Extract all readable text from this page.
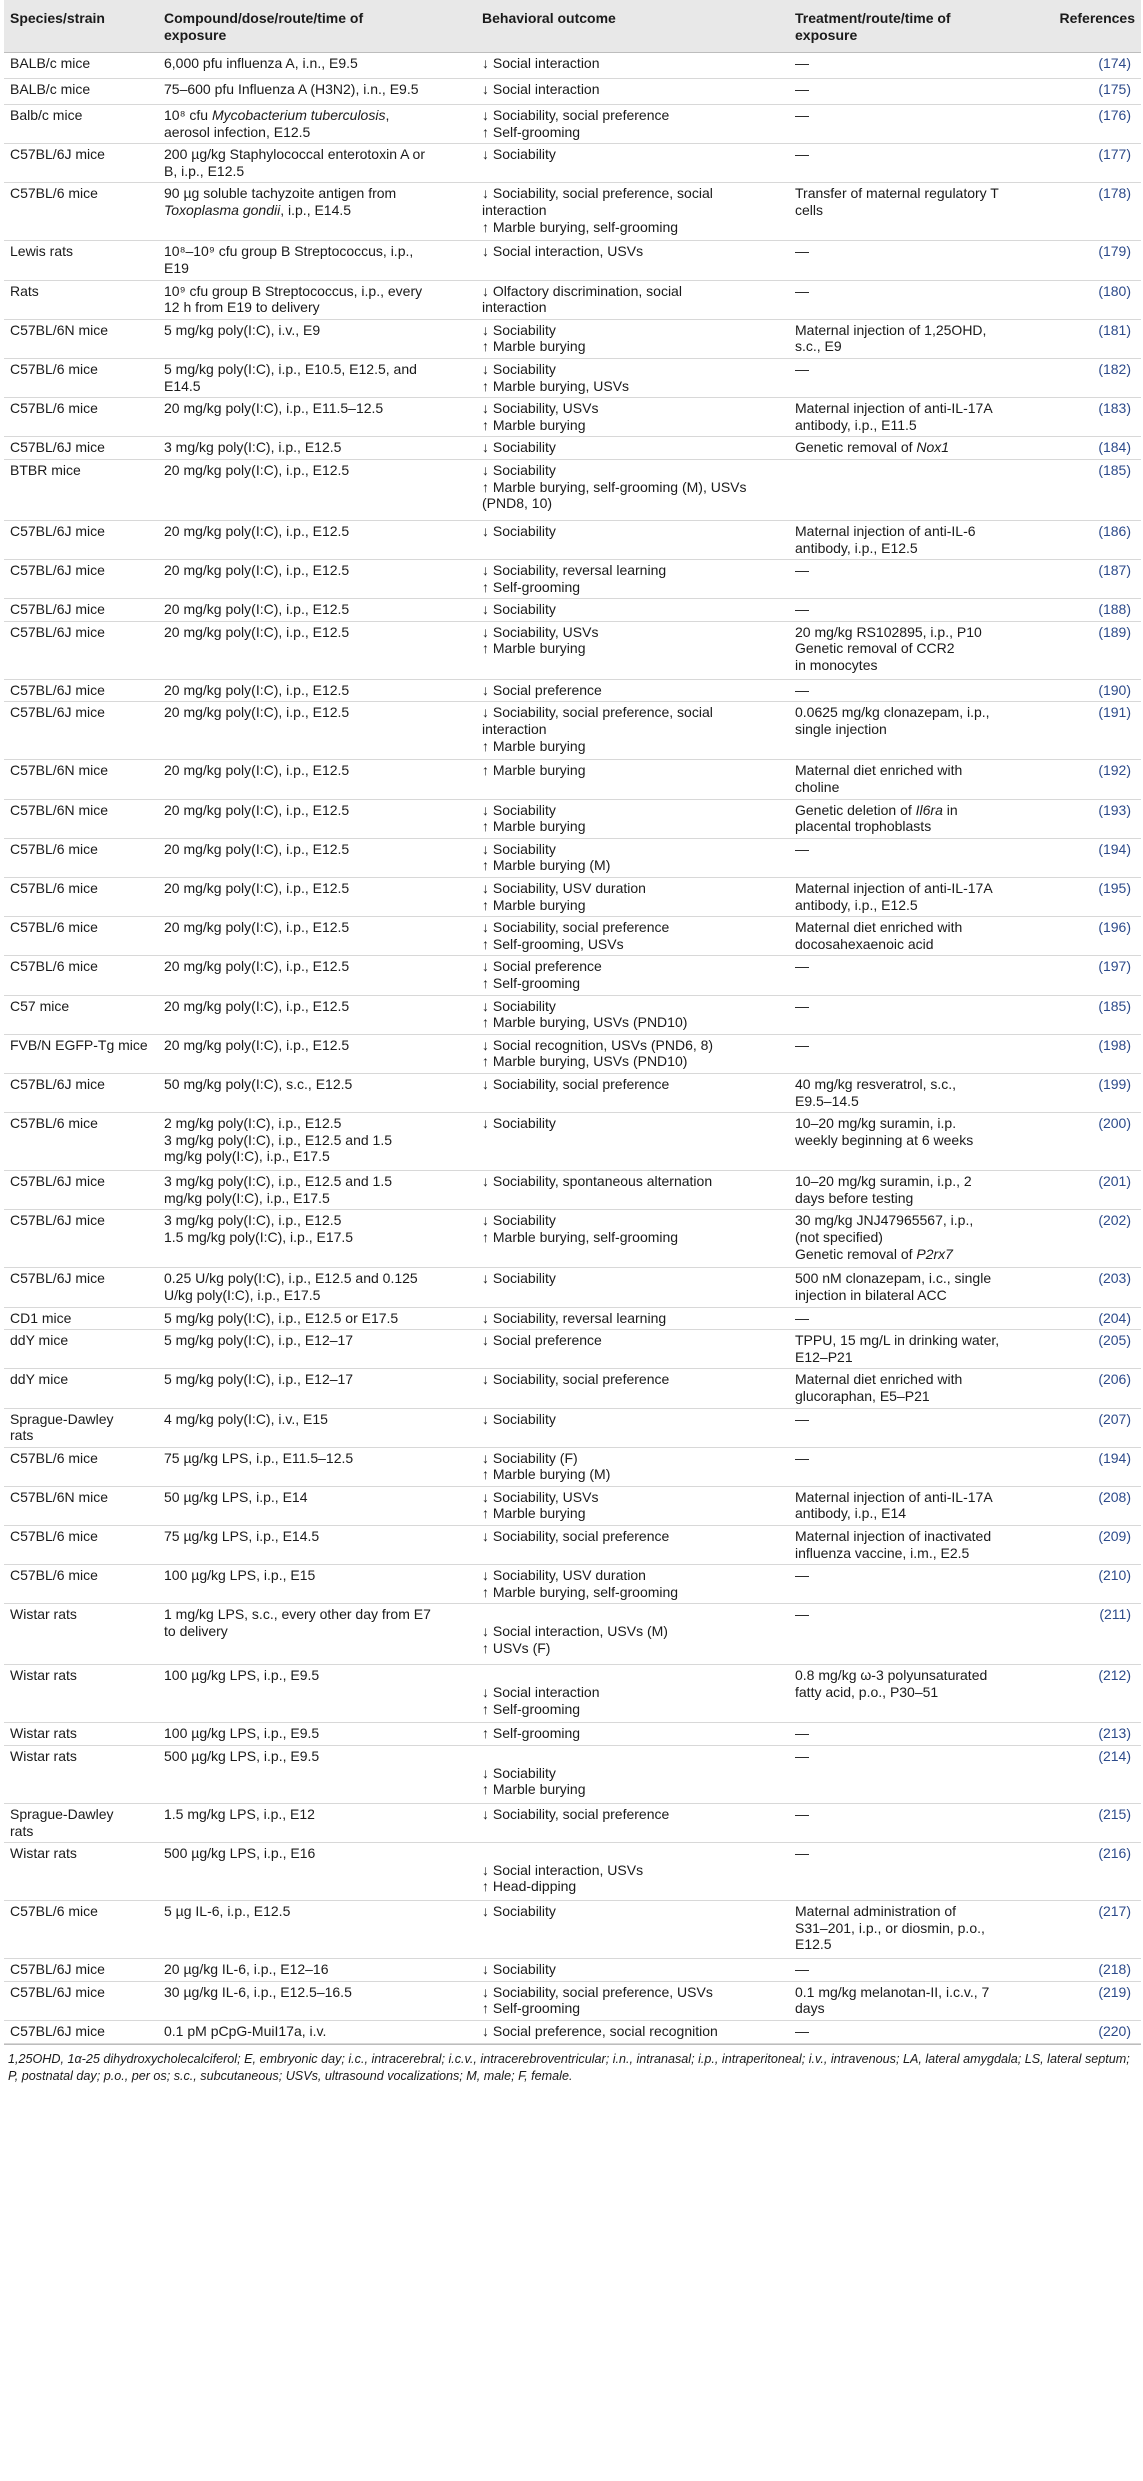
Species/strain	Compound/dose/route/time of
exposure	Behavioral outcome	Treatment/route/time of
exposure	References
BALB/c mice	6,000 pfu influenza A, i.n., E9.5	↓ Social interaction	—	(174)
BALB/c mice	75–600 pfu Influenza A (H3N2), i.n., E9.5	↓ Social interaction	—	(175)
Balb/c mice	10⁸ cfu Mycobacterium tuberculosis,
aerosol infection, E12.5	↓ Sociability, social preference
↑ Self-grooming	—	(176)
C57BL/6J mice	200 µg/kg Staphylococcal enterotoxin A or
B, i.p., E12.5	↓ Sociability	—	(177)
C57BL/6 mice	90 µg soluble tachyzoite antigen from
Toxoplasma gondii, i.p., E14.5	↓ Sociability, social preference, social
interaction
↑ Marble burying, self-grooming	Transfer of maternal regulatory T
cells	(178)
Lewis rats	10⁸–10⁹ cfu group B Streptococcus, i.p.,
E19	↓ Social interaction, USVs	—	(179)
Rats	10⁹ cfu group B Streptococcus, i.p., every
12 h from E19 to delivery	↓ Olfactory discrimination, social
interaction	—	(180)
C57BL/6N mice	5 mg/kg poly(I:C), i.v., E9	↓ Sociability
↑ Marble burying	Maternal injection of 1,25OHD,
s.c., E9	(181)
C57BL/6 mice	5 mg/kg poly(I:C), i.p., E10.5, E12.5, and
E14.5	↓ Sociability
↑ Marble burying, USVs	—	(182)
C57BL/6 mice	20 mg/kg poly(I:C), i.p., E11.5–12.5	↓ Sociability, USVs
↑ Marble burying	Maternal injection of anti-IL-17A
antibody, i.p., E11.5	(183)
C57BL/6J mice	3 mg/kg poly(I:C), i.p., E12.5	↓ Sociability	Genetic removal of Nox1	(184)
BTBR mice	20 mg/kg poly(I:C), i.p., E12.5	↓ Sociability
↑ Marble burying, self-grooming (M), USVs
(PND8, 10)		(185)
C57BL/6J mice	20 mg/kg poly(I:C), i.p., E12.5	↓ Sociability	Maternal injection of anti-IL-6
antibody, i.p., E12.5	(186)
C57BL/6J mice	20 mg/kg poly(I:C), i.p., E12.5	↓ Sociability, reversal learning
↑ Self-grooming	—	(187)
C57BL/6J mice	20 mg/kg poly(I:C), i.p., E12.5	↓ Sociability	—	(188)
C57BL/6J mice	20 mg/kg poly(I:C), i.p., E12.5	↓ Sociability, USVs
↑ Marble burying	20 mg/kg RS102895, i.p., P10
Genetic removal of CCR2
in monocytes	(189)
C57BL/6J mice	20 mg/kg poly(I:C), i.p., E12.5	↓ Social preference	—	(190)
C57BL/6J mice	20 mg/kg poly(I:C), i.p., E12.5	↓ Sociability, social preference, social
interaction
↑ Marble burying	0.0625 mg/kg clonazepam, i.p.,
single injection	(191)
C57BL/6N mice	20 mg/kg poly(I:C), i.p., E12.5	↑ Marble burying	Maternal diet enriched with
choline	(192)
C57BL/6N mice	20 mg/kg poly(I:C), i.p., E12.5	↓ Sociability
↑ Marble burying	Genetic deletion of Il6ra in
placental trophoblasts	(193)
C57BL/6 mice	20 mg/kg poly(I:C), i.p., E12.5	↓ Sociability
↑ Marble burying (M)	—	(194)
C57BL/6 mice	20 mg/kg poly(I:C), i.p., E12.5	↓ Sociability, USV duration
↑ Marble burying	Maternal injection of anti-IL-17A
antibody, i.p., E12.5	(195)
C57BL/6 mice	20 mg/kg poly(I:C), i.p., E12.5	↓ Sociability, social preference
↑ Self-grooming, USVs	Maternal diet enriched with
docosahexaenoic acid	(196)
C57BL/6 mice	20 mg/kg poly(I:C), i.p., E12.5	↓ Social preference
↑ Self-grooming	—	(197)
C57 mice	20 mg/kg poly(I:C), i.p., E12.5	↓ Sociability
↑ Marble burying, USVs (PND10)	—	(185)
FVB/N EGFP-Tg mice	20 mg/kg poly(I:C), i.p., E12.5	↓ Social recognition, USVs (PND6, 8)
↑ Marble burying, USVs (PND10)	—	(198)
C57BL/6J mice	50 mg/kg poly(I:C), s.c., E12.5	↓ Sociability, social preference	40 mg/kg resveratrol, s.c.,
E9.5–14.5	(199)
C57BL/6 mice	2 mg/kg poly(I:C), i.p., E12.5
3 mg/kg poly(I:C), i.p., E12.5 and 1.5
mg/kg poly(I:C), i.p., E17.5	↓ Sociability	10–20 mg/kg suramin, i.p.
weekly beginning at 6 weeks	(200)
C57BL/6J mice	3 mg/kg poly(I:C), i.p., E12.5 and 1.5
mg/kg poly(I:C), i.p., E17.5	↓ Sociability, spontaneous alternation	10–20 mg/kg suramin, i.p., 2
days before testing	(201)
C57BL/6J mice	3 mg/kg poly(I:C), i.p., E12.5
1.5 mg/kg poly(I:C), i.p., E17.5	↓ Sociability
↑ Marble burying, self-grooming	30 mg/kg JNJ47965567, i.p.,
(not specified)
Genetic removal of P2rx7	(202)
C57BL/6J mice	0.25 U/kg poly(I:C), i.p., E12.5 and 0.125
U/kg poly(I:C), i.p., E17.5	↓ Sociability	500 nM clonazepam, i.c., single
injection in bilateral ACC	(203)
CD1 mice	5 mg/kg poly(I:C), i.p., E12.5 or E17.5	↓ Sociability, reversal learning	—	(204)
ddY mice	5 mg/kg poly(I:C), i.p., E12–17	↓ Social preference	TPPU, 15 mg/L in drinking water,
E12–P21	(205)
ddY mice	5 mg/kg poly(I:C), i.p., E12–17	↓ Sociability, social preference	Maternal diet enriched with
glucoraphan, E5–P21	(206)
Sprague-Dawley
rats	4 mg/kg poly(I:C), i.v., E15	↓ Sociability	—	(207)
C57BL/6 mice	75 µg/kg LPS, i.p., E11.5–12.5	↓ Sociability (F)
↑ Marble burying (M)	—	(194)
C57BL/6N mice	50 µg/kg LPS, i.p., E14	↓ Sociability, USVs
↑ Marble burying	Maternal injection of anti-IL-17A
antibody, i.p., E14	(208)
C57BL/6 mice	75 µg/kg LPS, i.p., E14.5	↓ Sociability, social preference	Maternal injection of inactivated
influenza vaccine, i.m., E2.5	(209)
C57BL/6 mice	100 µg/kg LPS, i.p., E15	↓ Sociability, USV duration
↑ Marble burying, self-grooming	—	(210)
Wistar rats	1 mg/kg LPS, s.c., every other day from E7
to delivery	
↓ Social interaction, USVs (M)
↑ USVs (F)	—	(211)
Wistar rats	100 µg/kg LPS, i.p., E9.5	
↓ Social interaction
↑ Self-grooming	0.8 mg/kg ω-3 polyunsaturated
fatty acid, p.o., P30–51	(212)
Wistar rats	100 µg/kg LPS, i.p., E9.5	↑ Self-grooming	—	(213)
Wistar rats	500 µg/kg LPS, i.p., E9.5	
↓ Sociability
↑ Marble burying	—	(214)
Sprague-Dawley
rats	1.5 mg/kg LPS, i.p., E12	↓ Sociability, social preference	—	(215)
Wistar rats	500 µg/kg LPS, i.p., E16	
↓ Social interaction, USVs
↑ Head-dipping	—	(216)
C57BL/6 mice	5 µg IL-6, i.p., E12.5	↓ Sociability	Maternal administration of
S31–201, i.p., or diosmin, p.o.,
E12.5	(217)
C57BL/6J mice	20 µg/kg IL-6, i.p., E12–16	↓ Sociability	—	(218)
C57BL/6J mice	30 µg/kg IL-6, i.p., E12.5–16.5	↓ Sociability, social preference, USVs
↑ Self-grooming	0.1 mg/kg melanotan-II, i.c.v., 7
days	(219)
C57BL/6J mice	0.1 pM pCpG-MuiI17a, i.v.	↓ Social preference, social recognition	—	(220)
1,25OHD, 1α-25 dihydroxycholecalciferol; E, embryonic day; i.c., intracerebral; i.c.v., intracerebroventricular; i.n., intranasal; i.p., intraperitoneal; i.v., intravenous; LA, lateral amygdala; LS, lateral septum; P, postnatal day; p.o., per os; s.c., subcutaneous; USVs, ultrasound vocalizations; M, male; F, female.
